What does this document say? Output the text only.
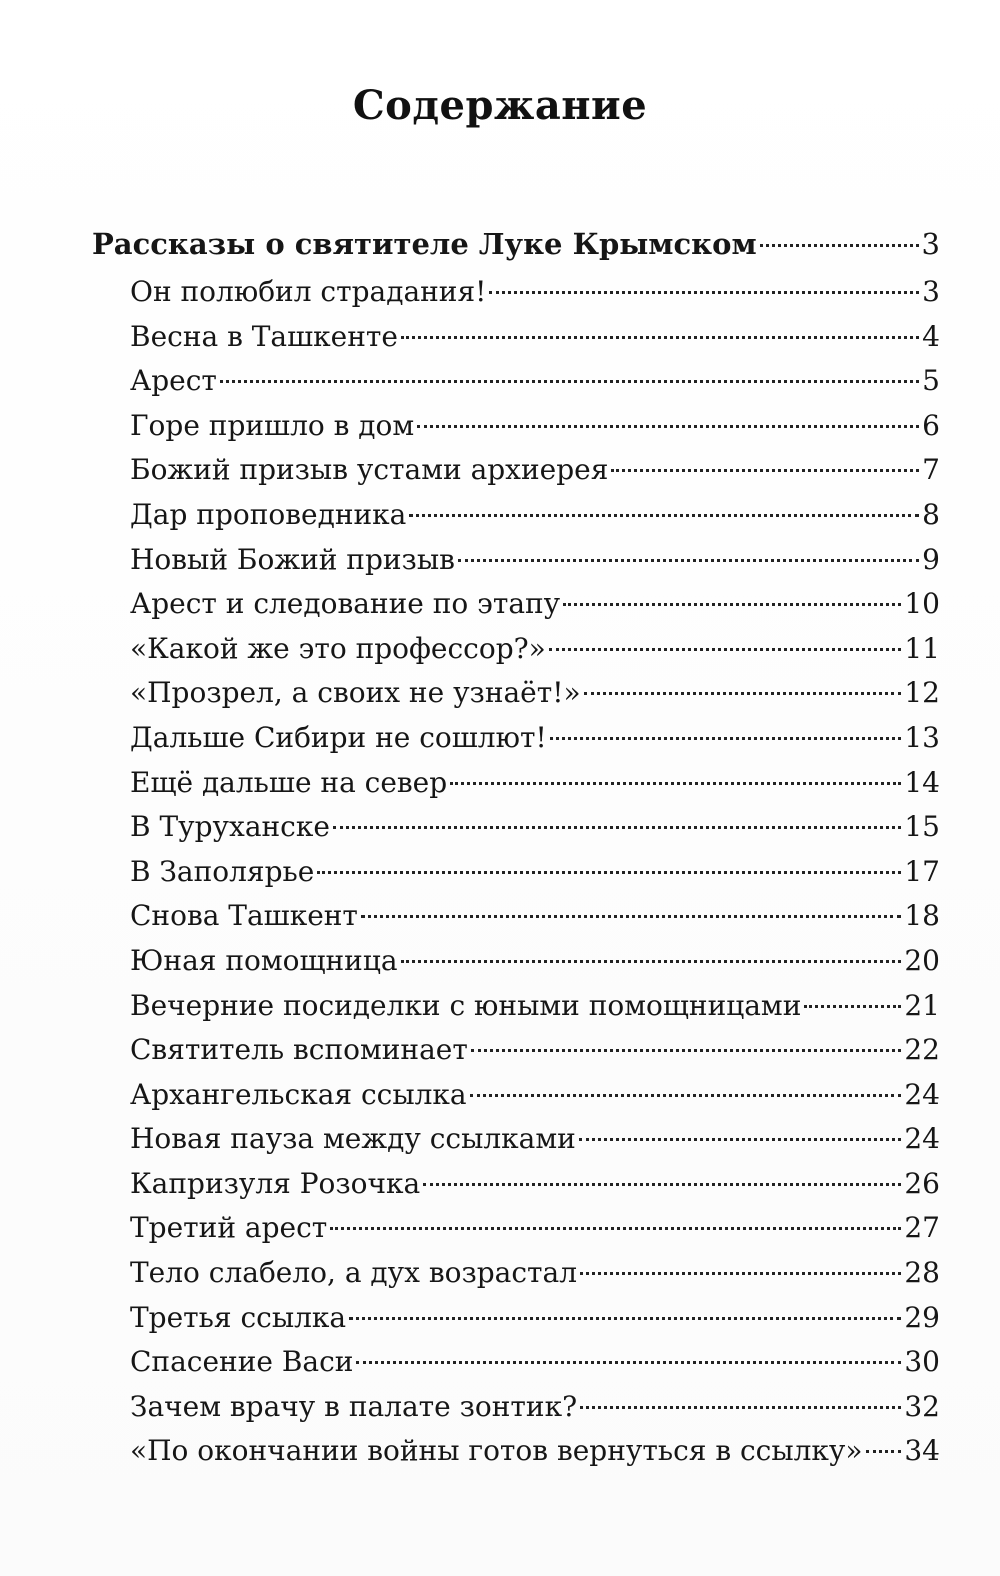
Содержание
Рассказы о святителе Луке Крымском	3
Он полюбил страдания!	3
Весна в Ташкенте	4
Арест	5
Горе пришло в дом	6
Божий призыв устами архиерея	7
Дар проповедника	8
Новый Божий призыв	9
Арест и следование по этапу	10
«Какой же это профессор?»	11
«Прозрел, а своих не узнаёт!»	12
Дальше Сибири не сошлют!	13
Ещё дальше на север	14
В Туруханске	15
В Заполярье	17
Снова Ташкент	18
Юная помощница	20
Вечерние посиделки с юными помощницами	21
Святитель вспоминает	22
Архангельская ссылка	24
Новая пауза между ссылками	24
Капризуля Розочка	26
Третий арест	27
Тело слабело, а дух возрастал	28
Третья ссылка	29
Спасение Васи	30
Зачем врачу в палате зонтик?	32
«По окончании войны готов вернуться в ссылку» 34
